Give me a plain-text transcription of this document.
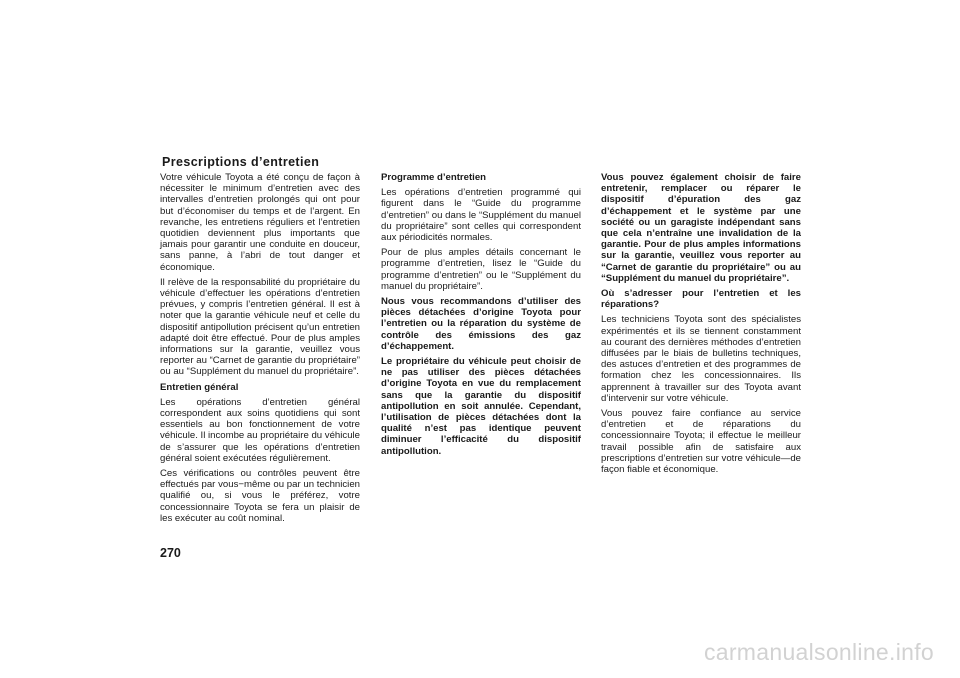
Prescriptions d’entretien

Votre véhicule Toyota a été conçu de façon à nécessiter le minimum d’entretien avec des intervalles d’entretien prolongés qui ont pour but d’économiser du temps et de l’argent. En revanche, les entretiens réguliers et l’entretien quotidien deviennent plus importants que jamais pour garantir une conduite en douceur, sans panne, à l’abri de tout danger et économique.

Il relève de la responsabilité du propriétaire du véhicule d’effectuer les opérations d’entretien prévues, y compris l’entretien général. Il est à noter que la garantie véhicule neuf et celle du dispositif antipollution précisent qu’un entretien adapté doit être effectué. Pour de plus amples informations sur la garantie, veuillez vous reporter au “Carnet de garantie du propriétaire” ou au “Supplément du manuel du propriétaire”.

Entretien général

Les opérations d’entretien général correspondent aux soins quotidiens qui sont essentiels au bon fonctionnement de votre véhicule. Il incombe au propriétaire du véhicule de s’assurer que les opérations d’entretien général soient exécutées régulièrement.

Ces vérifications ou contrôles peuvent être effectués par vous−même ou par un technicien qualifié ou, si vous le préférez, votre concessionnaire Toyota se fera un plaisir de les exécuter au coût nominal.

Programme d’entretien

Les opérations d’entretien programmé qui figurent dans le “Guide du programme d’entretien” ou dans le “Supplément du manuel du propriétaire” sont celles qui correspondent aux périodicités normales.

Pour de plus amples détails concernant le programme d’entretien, lisez le “Guide du programme d’entretien” ou le “Supplément du manuel du propriétaire”.

Nous vous recommandons d’utiliser des pièces détachées d’origine Toyota pour l’entretien ou la réparation du système de contrôle des émissions des gaz d’échappement.

Le propriétaire du véhicule peut choisir de ne pas utiliser des pièces détachées d’origine Toyota en vue du remplacement sans que la garantie du dispositif antipollution en soit annulée. Cependant, l’utilisation de pièces détachées dont la qualité n’est pas identique peuvent diminuer l’efficacité du dispositif antipollution.

Vous pouvez également choisir de faire entretenir, remplacer ou réparer le dispositif d’épuration des gaz d’échappement et le système par une société ou un garagiste indépendant sans que cela n’entraîne une invalidation de la garantie. Pour de plus amples informations sur la garantie, veuillez vous reporter au “Carnet de garantie du propriétaire” ou au “Supplément du manuel du propriétaire”.

Où s’adresser pour l’entretien et les réparations?

Les techniciens Toyota sont des spécialistes expérimentés et ils se tiennent constamment au courant des dernières méthodes d’entretien diffusées par le biais de bulletins techniques, des astuces d’entretien et des programmes de formation chez les concessionnaires. Ils apprennent à travailler sur des Toyota avant d’intervenir sur votre véhicule.

Vous pouvez faire confiance au service d’entretien et de réparations du concessionnaire Toyota; il effectue le meilleur travail possible afin de satisfaire aux prescriptions d’entretien sur votre véhicule—de façon fiable et économique.

270
carmanualsonline.info
